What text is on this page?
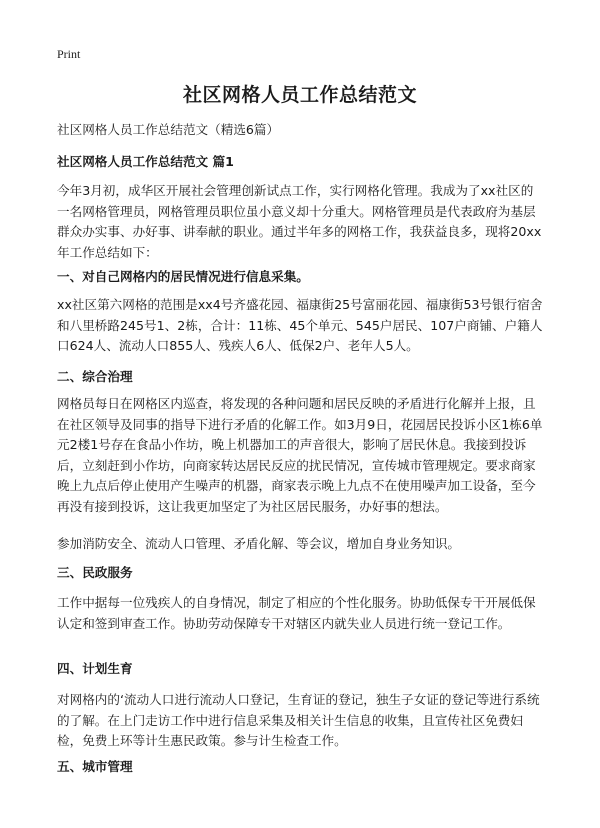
Print
社区网格人员工作总结范文

社区网格人员工作总结范文（精选6篇）

社区网格人员工作总结范文 篇1

今年3月初，成华区开展社会管理创新试点工作，实行网格化管理。我成为了xx社区的一名网格管理员，网格管理员职位虽小意义却十分重大。网格管理员是代表政府为基层群众办实事、办好事、讲奉献的职业。通过半年多的网格工作，我获益良多，现将20xx年工作总结如下：

一、对自己网格内的居民情况进行信息采集。

xx社区第六网格的范围是xx4号齐盛花园、福康街25号富丽花园、福康街53号银行宿舍和八里桥路245号1、2栋，合计：11栋、45个单元、545户居民、107户商铺、户籍人口624人、流动人口855人、残疾人6人、低保2户、老年人5人。

二、综合治理

网格员每日在网格区内巡查，将发现的各种问题和居民反映的矛盾进行化解并上报，且在社区领导及同事的指导下进行矛盾的化解工作。如3月9日，花园居民投诉小区1栋6单元2楼1号存在食品小作坊，晚上机器加工的声音很大，影响了居民休息。我接到投诉后，立刻赶到小作坊，向商家转达居民反应的扰民情况，宣传城市管理规定。要求商家晚上九点后停止使用产生噪声的机器，商家表示晚上九点不在使用噪声加工设备，至今再没有接到投诉，这让我更加坚定了为社区居民服务，办好事的想法。

参加消防安全、流动人口管理、矛盾化解、等会议，增加自身业务知识。

三、民政服务

工作中据每一位残疾人的自身情况，制定了相应的个性化服务。协助低保专干开展低保认定和签到审查工作。协助劳动保障专干对辖区内就失业人员进行统一登记工作。

四、计划生育

对网格内的‘流动人口进行流动人口登记，生育证的登记，独生子女证的登记等进行系统的了解。在上门走访工作中进行信息采集及相关计生信息的收集，且宣传社区免费妇检，免费上环等计生惠民政策。参与计生检查工作。

五、城市管理
